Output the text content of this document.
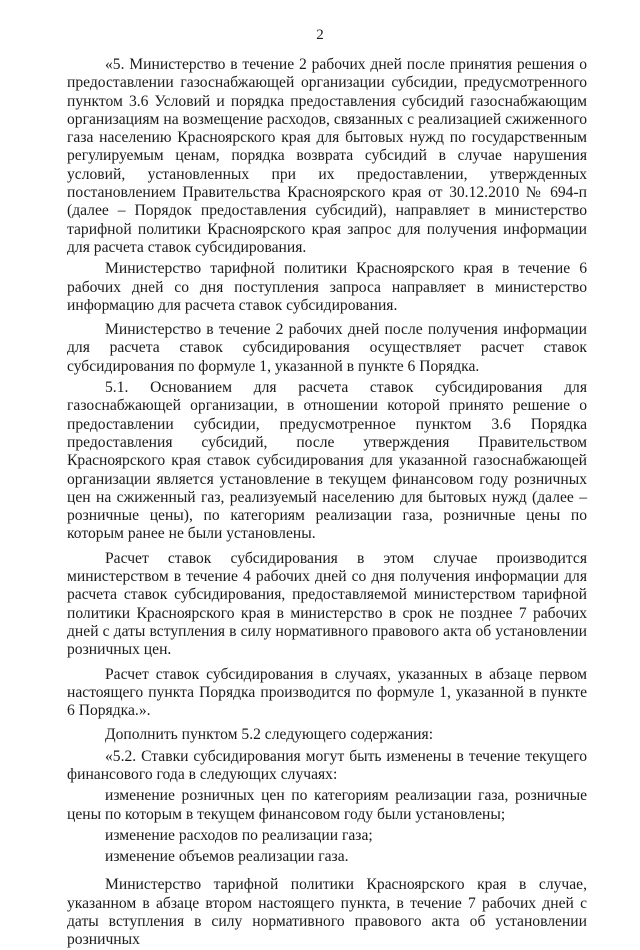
2

«5. Министерство в течение 2 рабочих дней после принятия решения о предоставлении газоснабжающей организации субсидии, предусмотренного пунктом 3.6 Условий и порядка предоставления субсидий газоснабжающим организациям на возмещение расходов, связанных с реализацией сжиженного газа населению Красноярского края для бытовых нужд по государственным регулируемым ценам, порядка возврата субсидий в случае нарушения условий, установленных при их предоставлении, утвержденных постановлением Правительства Красноярского края от 30.12.2010 № 694-п (далее – Порядок предоставления субсидий), направляет в министерство тарифной политики Красноярского края запрос для получения информации для расчета ставок субсидирования.

Министерство тарифной политики Красноярского края в течение 6 рабочих дней со дня поступления запроса направляет в министерство информацию для расчета ставок субсидирования.

Министерство в течение 2 рабочих дней после получения информации для расчета ставок субсидирования осуществляет расчет ставок субсидирования по формуле 1, указанной в пункте 6 Порядка.

5.1. Основанием для расчета ставок субсидирования для газоснабжающей организации, в отношении которой принято решение о предоставлении субсидии, предусмотренное пунктом 3.6 Порядка предоставления субсидий, после утверждения Правительством Красноярского края ставок субсидирования для указанной газоснабжающей организации является установление в текущем финансовом году розничных цен на сжиженный газ, реализуемый населению для бытовых нужд (далее – розничные цены), по категориям реализации газа, розничные цены по которым ранее не были установлены.

Расчет ставок субсидирования в этом случае производится министерством в течение 4 рабочих дней со дня получения информации для расчета ставок субсидирования, предоставляемой министерством тарифной политики Красноярского края в министерство в срок не позднее 7 рабочих дней с даты вступления в силу нормативного правового акта об установлении розничных цен.

Расчет ставок субсидирования в случаях, указанных в абзаце первом настоящего пункта Порядка производится по формуле 1, указанной в пункте 6 Порядка.».

Дополнить пунктом 5.2 следующего содержания:

«5.2. Ставки субсидирования могут быть изменены в течение текущего финансового года в следующих случаях:

изменение розничных цен по категориям реализации газа, розничные цены по которым в текущем финансовом году были установлены;

изменение расходов по реализации газа;

изменение объемов реализации газа.

Министерство тарифной политики Красноярского края в случае, указанном в абзаце втором настоящего пункта, в течение 7 рабочих дней с даты вступления в силу нормативного правового акта об установлении розничных
